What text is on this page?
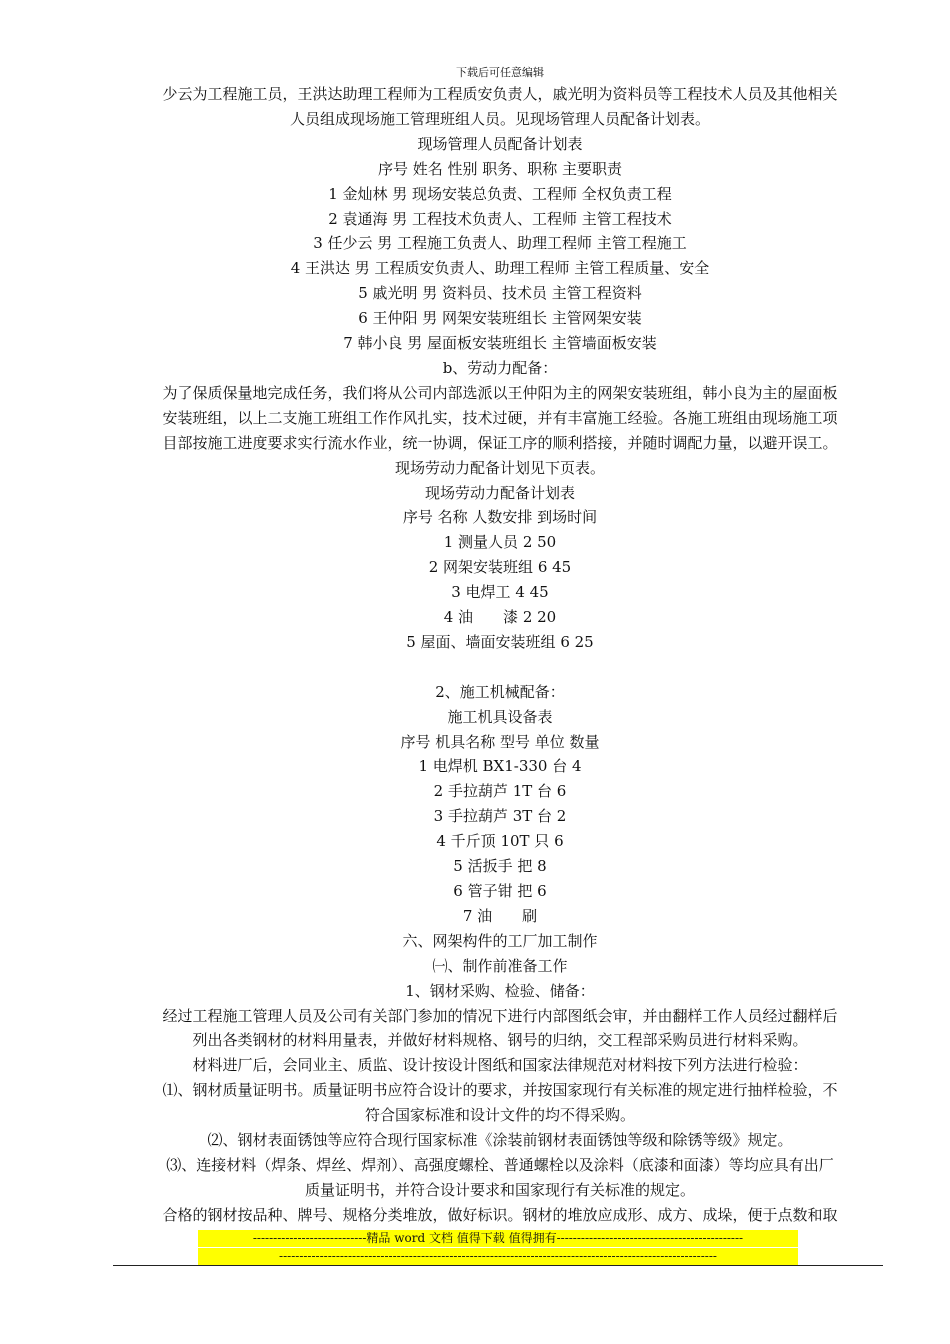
下载后可任意编辑
少云为工程施工员，王洪达助理工程师为工程质安负责人，戚光明为资料员等工程技术人员及其他相关
人员组成现场施工管理班组人员。见现场管理人员配备计划表。
现场管理人员配备计划表
序号 姓名 性别 职务、职称 主要职责
1 金灿林 男 现场安装总负责、工程师 全权负责工程
2 袁通海 男 工程技术负责人、工程师 主管工程技术
3 任少云 男 工程施工负责人、助理工程师 主管工程施工
4 王洪达 男 工程质安负责人、助理工程师 主管工程质量、安全
5 戚光明 男 资料员、技术员 主管工程资料
6 王仲阳 男 网架安装班组长 主管网架安装
7 韩小良 男 屋面板安装班组长 主管墙面板安装
b、劳动力配备：
为了保质保量地完成任务，我们将从公司内部选派以王仲阳为主的网架安装班组，韩小良为主的屋面板
安装班组，以上二支施工班组工作作风扎实，技术过硬，并有丰富施工经验。各施工班组由现场施工项
目部按施工进度要求实行流水作业，统一协调，保证工序的顺利搭接，并随时调配力量，以避开误工。
现场劳动力配备计划见下页表。
现场劳动力配备计划表
序号 名称 人数安排 到场时间
1 测量人员 2 50
2 网架安装班组 6 45
3 电焊工 4 45
4 油　　漆 2 20
5 屋面、墙面安装班组 6 25
2、施工机械配备：
施工机具设备表
序号 机具名称 型号 单位 数量
1 电焊机 BX1-330 台 4
2 手拉葫芦 1T 台 6
3 手拉葫芦 3T 台 2
4 千斤顶 10T 只 6
5 活扳手 把 8
6 管子钳 把 6
7 油　　刷
六、网架构件的工厂加工制作
㈠、制作前准备工作
1、钢材采购、检验、储备：
经过工程施工管理人员及公司有关部门参加的情况下进行内部图纸会审，并由翻样工作人员经过翻样后
列出各类钢材的材料用量表，并做好材料规格、钢号的归纳，交工程部采购员进行材料采购。
材料进厂后，会同业主、质监、设计按设计图纸和国家法律规范对材料按下列方法进行检验：
⑴、钢材质量证明书。质量证明书应符合设计的要求，并按国家现行有关标准的规定进行抽样检验，不
符合国家标准和设计文件的均不得采购。
⑵、钢材表面锈蚀等应符合现行国家标准《涂装前钢材表面锈蚀等级和除锈等级》规定。
⑶、连接材料（焊条、焊丝、焊剂）、高强度螺栓、普通螺栓以及涂料（底漆和面漆）等均应具有出厂
质量证明书，并符合设计要求和国家现行有关标准的规定。
合格的钢材按品种、牌号、规格分类堆放，做好标识。钢材的堆放应成形、成方、成垛，便于点数和取
----------------------------精品 word 文档 值得下载 值得拥有----------------------------------------------
------------------------------------------------------------------------------------------------------------
